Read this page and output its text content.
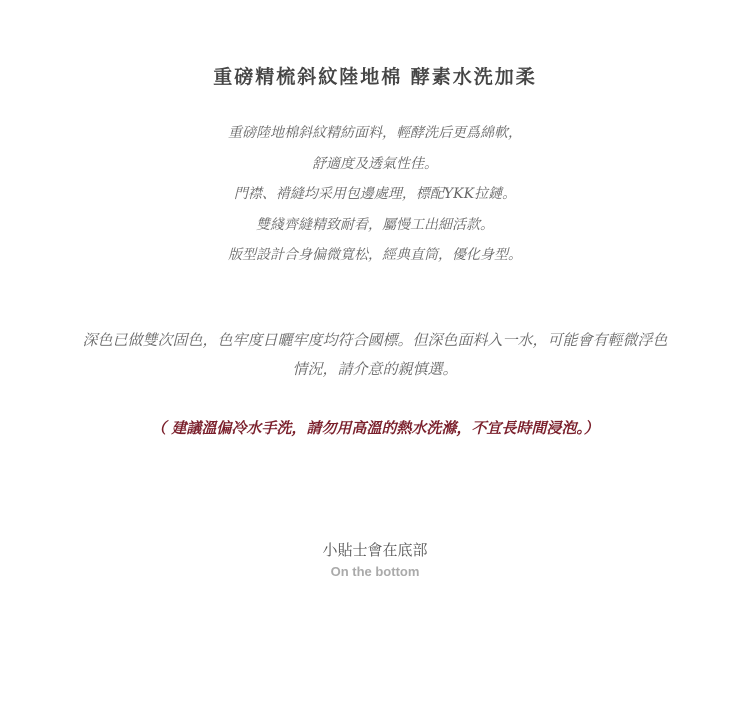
重磅精梳斜紋陸地棉 酵素水洗加柔
重磅陸地棉斜紋精紡面料，輕酵洗后更爲綿軟，
舒適度及透氣性佳。
門襟、褙縫均采用包邊處理，標配YKK拉鏈。
雙綫齊縫精致耐看，屬慢工出細活款。
版型設計合身偏微寬松，經典直筒，優化身型。
深色已做雙次固色，色牢度日曬牢度均符合國標。但深色面料入一水，可能會有輕微浮色
情況，請介意的親慎選。
（ 建議溫偏冷水手洗，請勿用高溫的熱水洗滌，不宜長時間浸泡。）
小貼士會在底部
On the bottom
